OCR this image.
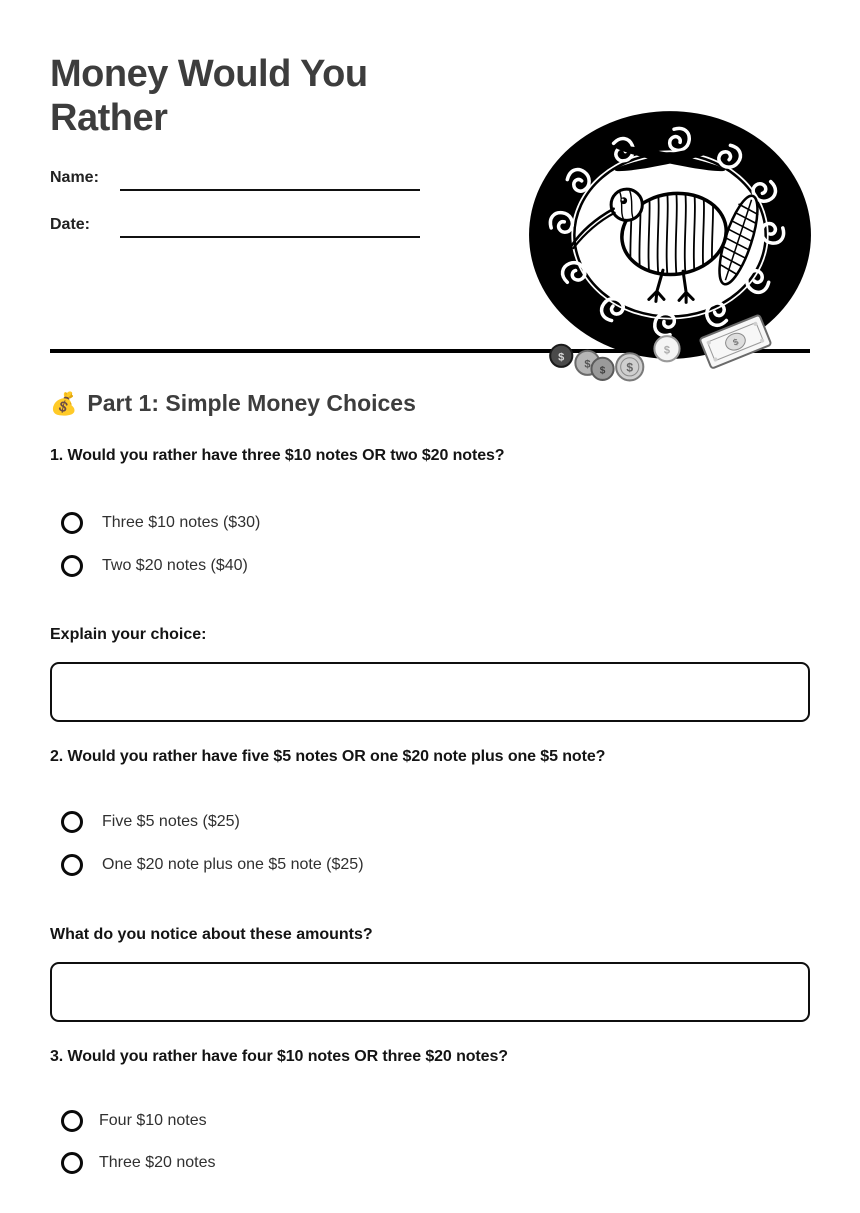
Money Would You Rather
Name:
Date:
$
$
$ $
$
$
💰 Part 1: Simple Money Choices

1. Would you rather have three $10 notes OR two $20 notes?

Three $10 notes ($30)
Two $20 notes ($40)

Explain your choice:

2. Would you rather have five $5 notes OR one $20 note plus one $5 note?

Five $5 notes ($25)
One $20 note plus one $5 note ($25)

What do you notice about these amounts?

3. Would you rather have four $10 notes OR three $20 notes?

Four $10 notes
Three $20 notes
